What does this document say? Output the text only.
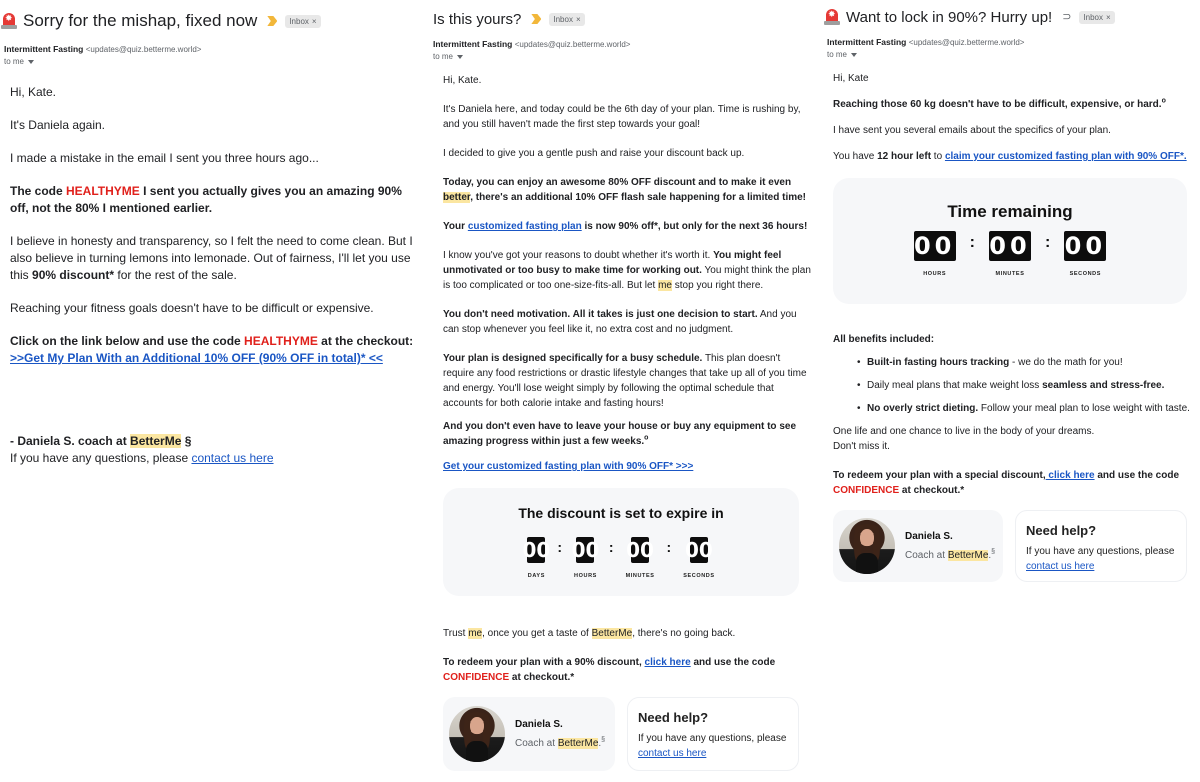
✸ Sorry for the mishap, fixed now	Inbox ×
Intermittent Fasting <updates@quiz.betterme.world>
to me

Hi, Kate.

It's Daniela again.

I made a mistake in the email I sent you three hours ago...

The code HEALTHYME I sent you actually gives you an amazing 90% off, not the 80% I mentioned earlier.

I believe in honesty and transparency, so I felt the need to come clean. But I also believe in turning lemons into lemonade. Out of fairness, I'll let you use this 90% discount* for the rest of the sale.

Reaching your fitness goals doesn't have to be difficult or expensive.

Click on the link below and use the code HEALTHYME at the checkout:

>>Get My Plan With an Additional 10% OFF (90% OFF in total)* <<

- Daniela S. coach at BetterMe §

If you have any questions, please contact us here

Is this yours?	Inbox ×
Intermittent Fasting <updates@quiz.betterme.world>
to me

Hi, Kate.

It's Daniela here, and today could be the 6th day of your plan. Time is rushing by, and you still haven't made the first step towards your goal!

I decided to give you a gentle push and raise your discount back up.

Today, you can enjoy an awesome 80% OFF discount and to make it even better, there's an additional 10% OFF flash sale happening for a limited time!

Your customized fasting plan is now 90% off*, but only for the next 36 hours!

I know you've got your reasons to doubt whether it's worth it. You might feel unmotivated or too busy to make time for working out. You might think the plan is too complicated or too one-size-fits-all. But let me stop you right there.

You don't need motivation. All it takes is just one decision to start. And you can stop whenever you feel like it, no extra cost and no judgment.

Your plan is designed specifically for a busy schedule. This plan doesn't require any food restrictions or drastic lifestyle changes that take up all of you time and energy. You'll lose weight simply by following the optimal schedule that accounts for both calorie intake and fasting hours!

And you don't even have to leave your house or buy any equipment to see amazing progress within just a few weeks.$^o$

Get your customized fasting plan with 90% OFF* >>>

The discount is set to expire in
00
DAYS
: 00
HOURS
: 00
MINUTES
: 00
SECONDS

Trust me, once you get a taste of BetterMe, there's no going back.

To redeem your plan with a 90% discount, click here and use the code CONFIDENCE at checkout.*

Daniela S.
Coach at BetterMe.§
Need help?
If you have any questions, please contact us here
✸ Want to lock in 90%? Hurry up! ⊃ Inbox ×
Intermittent Fasting <updates@quiz.betterme.world>
to me

Hi, Kate

Reaching those 60 kg doesn't have to be difficult, expensive, or hard.$^o$

I have sent you several emails about the specifics of your plan.

You have 12 hour left to claim your customized fasting plan with 90% OFF*.

Time remaining
00
HOURS
: 00
MINUTES
: 00
SECONDS

All benefits included:

• Built-in fasting hours tracking - we do the math for you!
• Daily meal plans that make weight loss seamless and stress-free.
• No overly strict dieting. Follow your meal plan to lose weight with taste.

One life and one chance to live in the body of your dreams.

Don't miss it.

To redeem your plan with a special discount, click here and use the code CONFIDENCE at checkout.*

Daniela S.
Coach at BetterMe.§
Need help?
If you have any questions, please contact us here
